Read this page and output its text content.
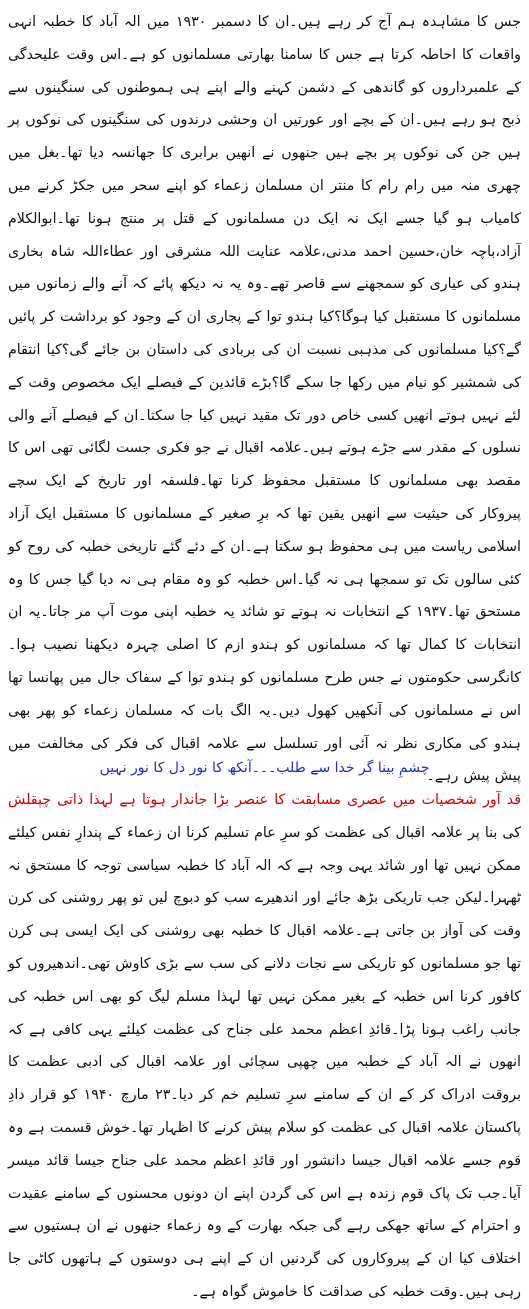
جس کا مشاہدہ ہم آج کر رہے ہیں۔ان کا دسمبر ۱۹۳۰ میں الہ آباد کا خطبہ انہی واقعات کا احاطہ کرتا ہے جس کا سامنا بھارتی مسلمانوں کو ہے۔اس وقت علیحدگی کے علمبرداروں کو گاندھی کے دشمن کہنے والے اپنے ہی ہموطنوں کی سنگینوں سے ذبح ہو رہے ہیں۔ان کے بچے اور عورتیں ان وحشی درندوں کی سنگینوں کی نوکوں پر ہیں جن کی نوکوں پر بچے ہیں جنھوں نے انھیں برابری کا جھانسہ دیا تھا۔بغل میں چھری منہ میں رام رام کا منتر ان مسلمان زعماء کو اپنے سحر میں جکڑ کرنے میں کامیاب ہو گیا جسے ایک نہ ایک دن مسلمانوں کے قتل پر منتج ہونا تھا۔ابوالکلام آزاد،باچہ خان،حسین احمد مدنی،علامہ عنایت اللہ مشرقی اور عطاءاللہ شاہ بخاری ہندو کی عیاری کو سمجھنے سے قاصر تھے۔وہ یہ نہ دیکھ پائے کہ آنے والے زمانوں میں مسلمانوں کا مستقبل کیا ہوگا؟کیا ہندو توا کے پجاری ان کے وجود کو برداشت کر پائیں گے؟کیا مسلمانوں کی مذہبی نسبت ان کی بربادی کی داستان بن جائے گی؟کیا انتقام کی شمشیر کو نیام میں رکھا جا سکے گا؟بڑے قائدین کے فیصلے ایک مخصوص وقت کے لئے نہیں ہوتے انھیں کسی خاص دور تک مقید نہیں کیا جا سکتا۔ان کے فیصلے آنے والی نسلوں کے مقدر سے جڑے ہوتے ہیں۔علامہ اقبال نے جو فکری جست لگائی تھی اس کا مقصد بھی مسلمانوں کا مستقبل محفوظ کرنا تھا۔فلسفہ اور تاریخ کے ایک سچے پیروکار کی حیثیت سے انھیں یقین تھا کہ برِ صغیر کے مسلمانوں کا مستقبل ایک آزاد اسلامی ریاست میں ہی محفوظ ہو سکتا ہے۔ان کے دئے گئے تاریخی خطبہ کی روح کو کئی سالوں تک تو سمجھا ہی نہ گیا۔اس خطبہ کو وہ مقام ہی نہ دیا گیا جس کا وہ مستحق تھا۔۱۹۳۷ کے انتخابات نہ ہوتے تو شائد یہ خطبہ اپنی موت آپ مر جاتا۔یہ ان انتخابات کا کمال تھا کہ مسلمانوں کو ہندو ازم کا اصلی چہرہ دیکھنا نصیب ہوا۔کانگرسی حکومتوں نے جس طرح مسلمانوں کو ہندو توا کے سفاک جال میں پھانسا تھا اس نے مسلمانوں کی آنکھیں کھول دیں۔یہ الگ بات کہ مسلمان زعماء کو پھر بھی ہندو کی مکاری نظر نہ آئی اور تسلسل سے علامہ اقبال کی فکر کی مخالفت میں پیش پیش رہے۔

چشمِ بینا گر خدا سے طلب۔۔۔آنکھ کا نور دل کا نور نہیں

قد آور شخصیات میں عصری مسابقت کا عنصر بڑا جاندار ہوتا ہے لہذا ذاتی چپقلش کی بنا پر علامہ اقبال کی عظمت کو سرِ عام تسلیم کرنا ان زعماء کے پندارِ نفس کیلئے ممکن نہیں تھا اور شائد یہی وجہ ہے کہ الہ آباد کا خطبہ سیاسی توجہ کا مستحق نہ ٹھہرا۔لیکن جب تاریکی بڑھ جائے اور اندھیرے سب کو دبوچ لیں تو پھر روشنی کی کرن وقت کی آواز بن جاتی ہے۔علامہ اقبال کا خطبہ بھی روشنی کی ایک ایسی ہی کرن تھا جو مسلمانوں کو تاریکی سے نجات دلانے کی سب سے بڑی کاوش تھی۔اندھیروں کو کافور کرنا اس خطبہ کے بغیر ممکن نہیں تھا لہذا مسلم لیگ کو بھی اس خطبہ کی جانب راغب ہونا پڑا۔قائدِ اعظم محمد علی جناح کی عظمت کیلئے یہی کافی ہے کہ انھوں نے الہ آباد کے خطبہ میں چھپی سچائی اور علامہ اقبال کی ادبی عظمت کا بروقت ادراک کر کے ان کے سامنے سرِ تسلیم خم کر دیا۔۲۳ مارچ ۱۹۴۰ کو قرار دادِ پاکستان علامہ اقبال کی عظمت کو سلام پیش کرنے کا اظہار تھا۔خوش قسمت ہے وہ قوم جسے علامہ اقبال جیسا دانشور اور قائدِ اعظم محمد علی جناح جیسا قائد میسر آیا۔جب تک پاک قوم زندہ ہے اس کی گردن اپنے ان دونوں محسنوں کے سامنے عقیدت و احترام کے ساتھ جھکی رہے گی جبکہ بھارت کے وہ زعماء جنھوں نے ان ہستیوں سے اختلاف کیا ان کے پیروکاروں کی گردنیں ان کے اپنے ہی دوستوں کے ہاتھوں کاٹی جا رہی ہیں۔وقت خطبہ کی صداقت کا خاموش گواہ ہے۔
